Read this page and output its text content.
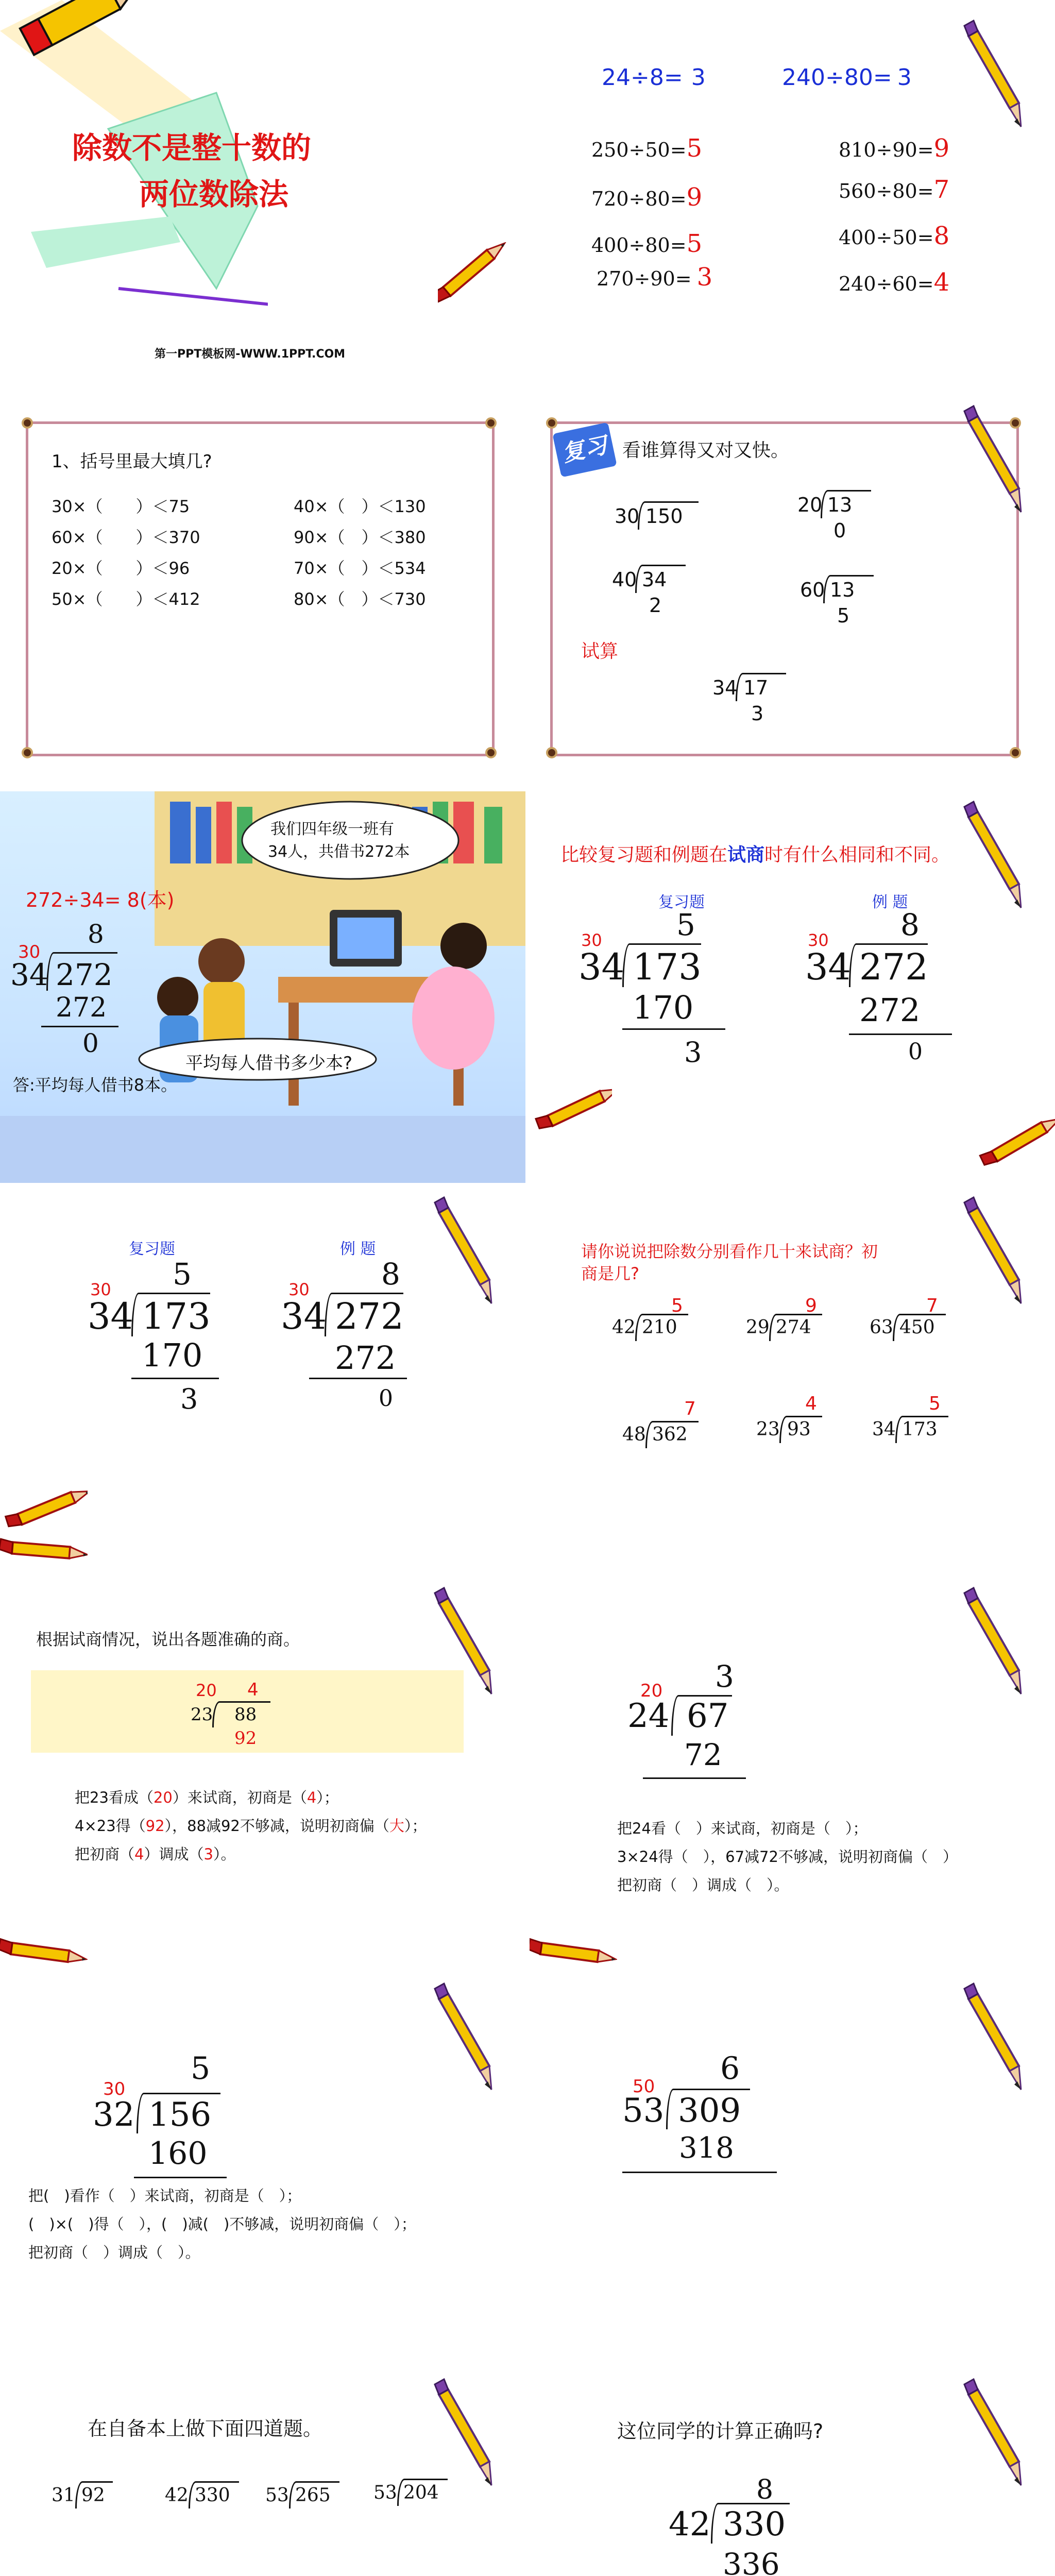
除数不是整十数的
两位数除法
第一PPT模板网-WWW.1PPT.COM
24÷8= 3	240÷80= 3
250÷50=5	810÷90=9
720÷80=9	560÷80=7
400÷80=5	400÷50=8
270÷90= 3	240÷60=4
1、括号里最大填几?
30×（　　）＜75	40×（　）＜130
60×（　　）＜370	90×（　）＜380
20×（　　）＜96	70×（　）＜534
50×（　　）＜412	80×（　）＜730
复习 看谁算得又对又快。
30 150	20 13
0
40 34
2
60 13
5
试算
34 17
3
我们四年级一班有
34人，共借书272本
平均每人借书多少本?
272÷34= 8(本)
30
8
34 272
272
0
答:平均每人借书8本。
比较复习题和例题在试商时有什么相同和不同。
复习题	例 题
30 5
34 173
170
3
30 8
34 272
272
0
复习题	例 题
30 5
34 173
170
3
30 8
34 272
272
0
请你说说把除数分别看作几十来试商？初
商是几?
5
42 210
9
29 274
7
63 450
7
48 362
4
23 93
5
34 173
根据试商情况，说出各题准确的商。
20 4
23 88
92
把23看成（20）来试商，初商是（4）；
4×23得（92），88减92不够减，说明初商偏（大）；
把初商（4）调成（3）。
20 3
24 67
72
把24看（　）来试商，初商是（　）；
3×24得（　），67减72不够减，说明初商偏（　）
把初商（　）调成（　）。
30
5
32 156
160
把(　)看作（　）来试商，初商是（　）；
(　)×(　)得（　），(　)减(　)不够减，说明初商偏（　）；
把初商（　）调成（　）。
50 6
53 309
318
在自备本上做下面四道题。
31 92	42 330 53 265 53 204
这位同学的计算正确吗?
8
42 330
336
